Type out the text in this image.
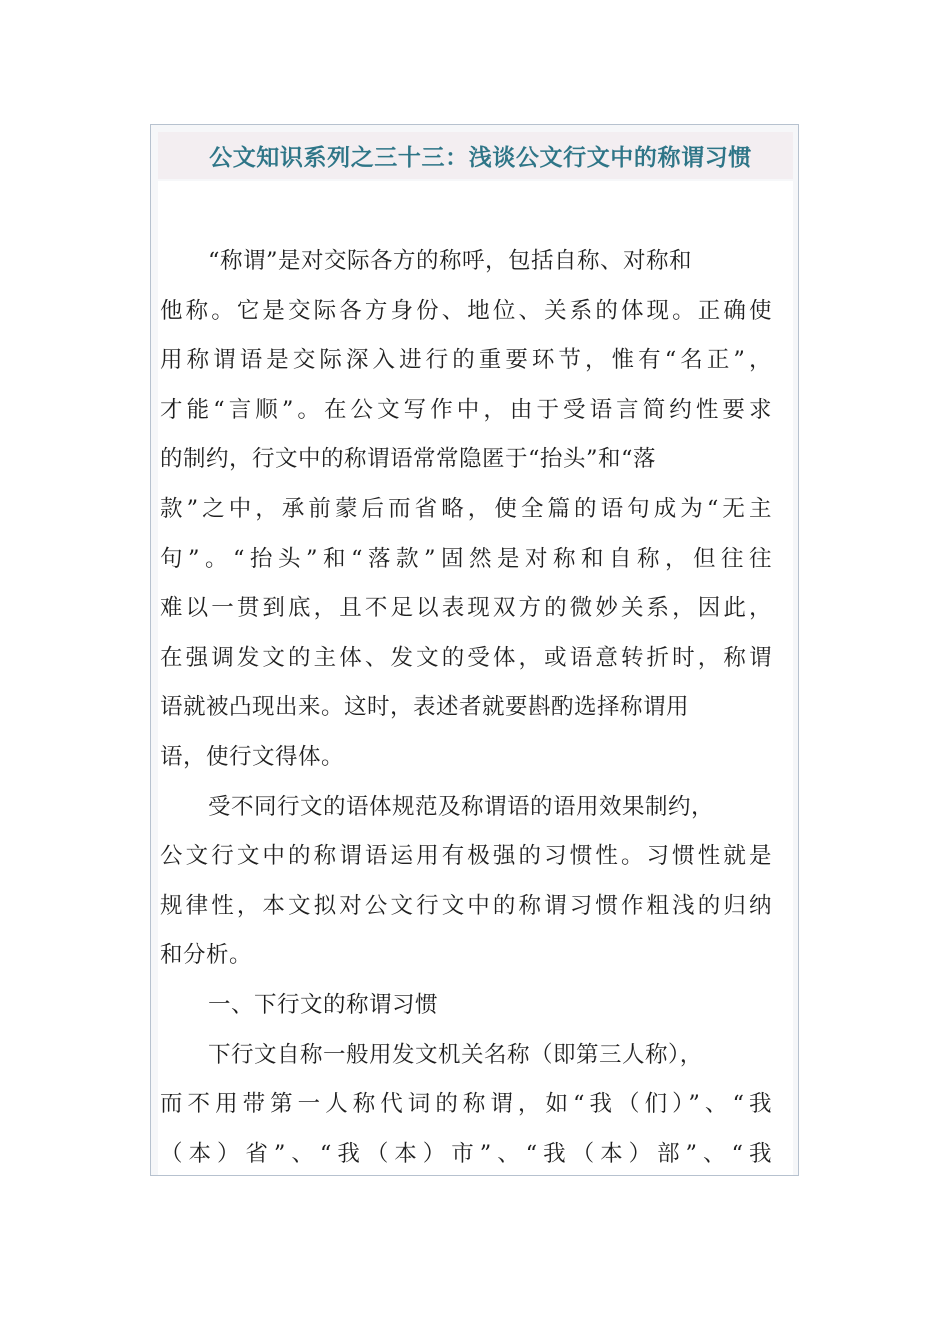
公文知识系列之三十三：浅谈公文行文中的称谓习惯
“称谓”是对交际各方的称呼，包括自称、对称和
他称。它是交际各方身份、地位、关系的体现。正确使
用称谓语是交际深入进行的重要环节，惟有“名正”，
才能“言顺”。在公文写作中，由于受语言简约性要求
的制约，行文中的称谓语常常隐匿于“抬头”和“落
款”之中，承前蒙后而省略，使全篇的语句成为“无主
句”。“抬头”和“落款”固然是对称和自称，但往往
难以一贯到底，且不足以表现双方的微妙关系，因此，
在强调发文的主体、发文的受体，或语意转折时，称谓
语就被凸现出来。这时，表述者就要斟酌选择称谓用
语，使行文得体。
受不同行文的语体规范及称谓语的语用效果制约，
公文行文中的称谓语运用有极强的习惯性。习惯性就是
规律性，本文拟对公文行文中的称谓习惯作粗浅的归纳
和分析。
一、下行文的称谓习惯
下行文自称一般用发文机关名称（即第三人称），
而不用带第一人称代词的称谓，如“我（们）”、“我
（本）省”、“我（本）市”、“我（本）部”、“我
